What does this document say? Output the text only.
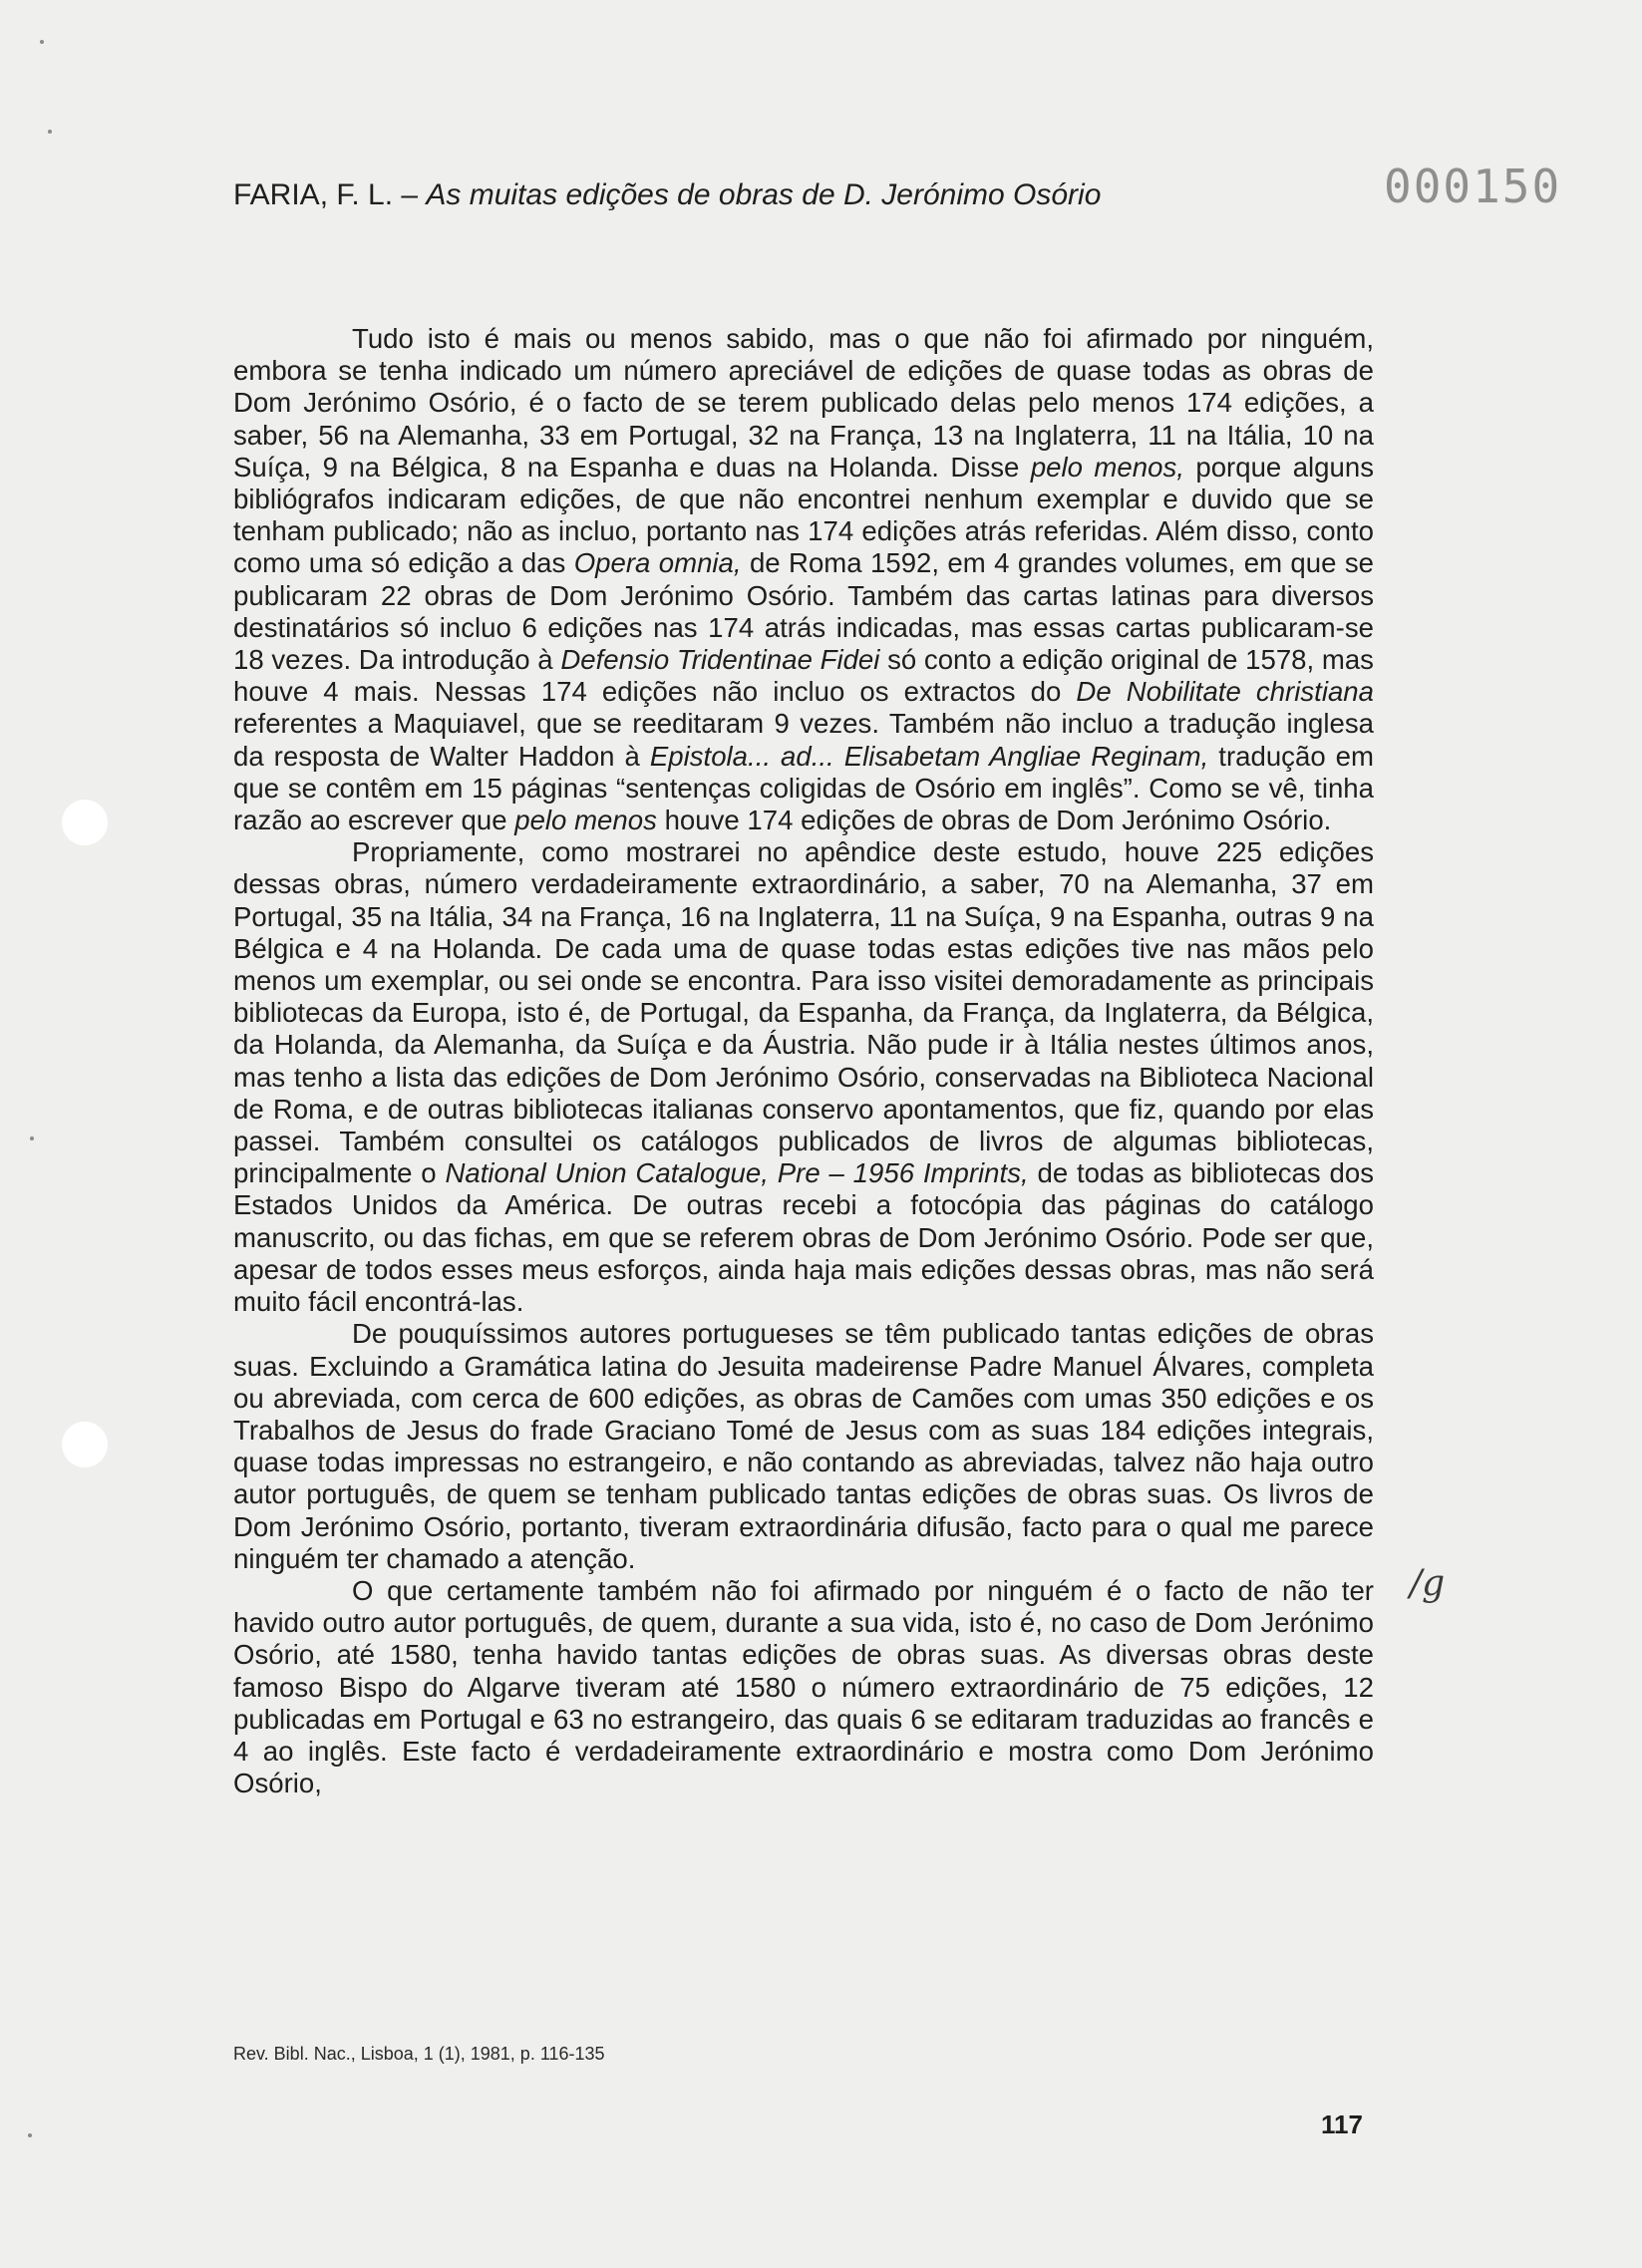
FARIA, F. L. – As muitas edições de obras de D. Jerónimo Osório	000150

Tudo isto é mais ou menos sabido, mas o que não foi afirmado por ninguém, embora se tenha indicado um número apreciável de edições de quase todas as obras de Dom Jerónimo Osório, é o facto de se terem publicado delas pelo menos 174 edições, a saber, 56 na Alemanha, 33 em Portugal, 32 na França, 13 na Inglaterra, 11 na Itália, 10 na Suíça, 9 na Bélgica, 8 na Espanha e duas na Holanda. Disse pelo menos, porque alguns bibliógrafos indicaram edições, de que não encontrei nenhum exemplar e duvido que se tenham publicado; não as incluo, portanto nas 174 edições atrás referidas. Além disso, conto como uma só edição a das Opera omnia, de Roma 1592, em 4 grandes volumes, em que se publicaram 22 obras de Dom Jerónimo Osório. Também das cartas latinas para diversos destinatários só incluo 6 edições nas 174 atrás indicadas, mas essas cartas publicaram-se 18 vezes. Da introdução à Defensio Tridentinae Fidei só conto a edição original de 1578, mas houve 4 mais. Nessas 174 edições não incluo os extractos do De Nobilitate christiana referentes a Maquiavel, que se reeditaram 9 vezes. Também não incluo a tradução inglesa da resposta de Walter Haddon à Epistola... ad... Elisabetam Angliae Reginam, tradução em que se contêm em 15 páginas “sentenças coligidas de Osório em inglês”. Como se vê, tinha razão ao escrever que pelo menos houve 174 edições de obras de Dom Jerónimo Osório.

Propriamente, como mostrarei no apêndice deste estudo, houve 225 edições dessas obras, número verdadeiramente extraordinário, a saber, 70 na Alemanha, 37 em Portugal, 35 na Itália, 34 na França, 16 na Inglaterra, 11 na Suíça, 9 na Espanha, outras 9 na Bélgica e 4 na Holanda. De cada uma de quase todas estas edições tive nas mãos pelo menos um exemplar, ou sei onde se encontra. Para isso visitei demoradamente as principais bibliotecas da Europa, isto é, de Portugal, da Espanha, da França, da Inglaterra, da Bélgica, da Holanda, da Alemanha, da Suíça e da Áustria. Não pude ir à Itália nestes últimos anos, mas tenho a lista das edições de Dom Jerónimo Osório, conservadas na Biblioteca Nacional de Roma, e de outras bibliotecas italianas conservo apontamentos, que fiz, quando por elas passei. Também consultei os catálogos publicados de livros de algumas bibliotecas, principalmente o National Union Catalogue, Pre – 1956 Imprints, de todas as bibliotecas dos Estados Unidos da América. De outras recebi a fotocópia das páginas do catálogo manuscrito, ou das fichas, em que se referem obras de Dom Jerónimo Osório. Pode ser que, apesar de todos esses meus esforços, ainda haja mais edições dessas obras, mas não será muito fácil encontrá-las.

De pouquíssimos autores portugueses se têm publicado tantas edições de obras suas. Excluindo a Gramática latina do Jesuita madeirense Padre Manuel Álvares, completa ou abreviada, com cerca de 600 edições, as obras de Camões com umas 350 edições e os Trabalhos de Jesus do frade Graciano Tomé de Jesus com as suas 184 edições integrais, quase todas impressas no estrangeiro, e não contando as abreviadas, talvez não haja outro autor português, de quem se tenham publicado tantas edições de obras suas. Os livros de Dom Jerónimo Osório, portanto, tiveram extraordinária difusão, facto para o qual me parece ninguém ter chamado a atenção.

O que certamente também não foi afirmado por ninguém é o facto de não ter havido outro autor português, de quem, durante a sua vida, isto é, no caso de Dom Jerónimo Osório, até 1580, tenha havido tantas edições de obras suas. As diversas obras deste famoso Bispo do Algarve tiveram até 1580 o número extraordinário de 75 edições, 12 publicadas em Portugal e 63 no estrangeiro, das quais 6 se editaram traduzidas ao francês e 4 ao inglês. Este facto é verdadeiramente extraordinário e mostra como Dom Jerónimo Osório,

/g
Rev. Bibl. Nac., Lisboa, 1 (1), 1981, p. 116-135
117
